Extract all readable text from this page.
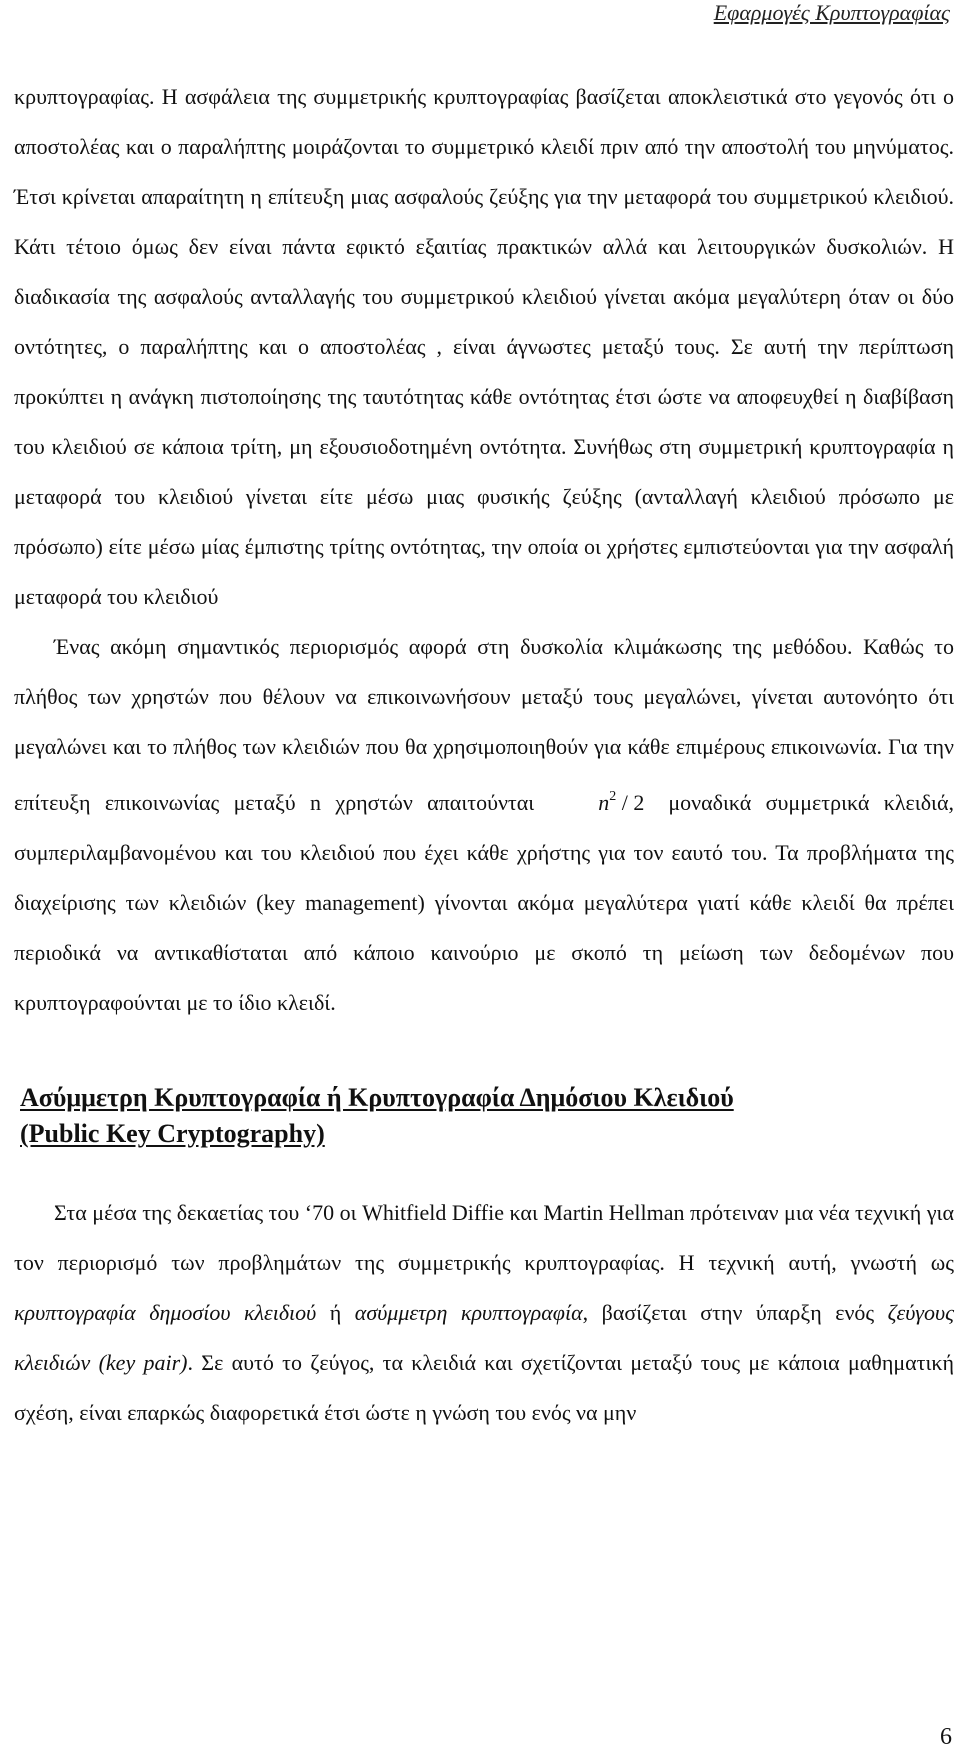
Εφαρμογές Κρυπτογραφίας

κρυπτογραφίας. Η ασφάλεια της συμμετρικής κρυπτογραφίας βασίζεται αποκλειστικά στο γεγονός ότι ο αποστολέας και ο παραλήπτης μοιράζονται το συμμετρικό κλειδί πριν από την αποστολή του μηνύματος. Έτσι κρίνεται απαραίτητη η επίτευξη μιας ασφαλούς ζεύξης για την μεταφορά του συμμετρικού κλειδιού. Κάτι τέτοιο όμως δεν είναι πάντα εφικτό εξαιτίας πρακτικών αλλά και λειτουργικών δυσκολιών. Η διαδικασία της ασφαλούς ανταλλαγής του συμμετρικού κλειδιού γίνεται ακόμα μεγαλύτερη όταν οι δύο οντότητες, ο παραλήπτης και ο αποστολέας , είναι άγνωστες μεταξύ τους. Σε αυτή την περίπτωση προκύπτει η ανάγκη πιστοποίησης της ταυτότητας κάθε οντότητας έτσι ώστε να αποφευχθεί η διαβίβαση του κλειδιού σε κάποια τρίτη, μη εξουσιοδοτημένη οντότητα. Συνήθως στη συμμετρική κρυπτογραφία η μεταφορά του κλειδιού γίνεται είτε μέσω μιας φυσικής ζεύξης (ανταλλαγή κλειδιού πρόσωπο με πρόσωπο) είτε μέσω μίας έμπιστης τρίτης οντότητας, την οποία οι χρήστες εμπιστεύονται για την ασφαλή μεταφορά του κλειδιού

Ένας ακόμη σημαντικός περιορισμός αφορά στη δυσκολία κλιμάκωσης της μεθόδου. Καθώς το πλήθος των χρηστών που θέλουν να επικοινωνήσουν μεταξύ τους μεγαλώνει, γίνεται αυτονόητο ότι μεγαλώνει και το πλήθος των κλειδιών που θα χρησιμοποιηθούν για κάθε επιμέρους επικοινωνία. Για την επίτευξη επικοινωνίας μεταξύ n χρηστών απαιτούνται	$n^2 / 2$ μοναδικά συμμετρικά κλειδιά, συμπεριλαμβανομένου και του κλειδιού που έχει κάθε χρήστης για τον εαυτό του. Τα προβλήματα της διαχείρισης των κλειδιών (key management) γίνονται ακόμα μεγαλύτερα γιατί κάθε κλειδί θα πρέπει περιοδικά να αντικαθίσταται από κάποιο καινούριο με σκοπό τη μείωση των δεδομένων που κρυπτογραφούνται με το ίδιο κλειδί.

Ασύμμετρη Κρυπτογραφία ή Κρυπτογραφία Δημόσιου Κλειδιού
(Public Key Cryptography)

Στα μέσα της δεκαετίας του ‘70 οι Whitfield Diffie και Martin Hellman πρότειναν μια νέα τεχνική για τον περιορισμό των προβλημάτων της συμμετρικής κρυπτογραφίας. Η τεχνική αυτή, γνωστή ως κρυπτογραφία δημοσίου κλειδιού ή ασύμμετρη κρυπτογραφία, βασίζεται στην ύπαρξη ενός ζεύγους κλειδιών (key pair). Σε αυτό το ζεύγος, τα κλειδιά και σχετίζονται μεταξύ τους με κάποια μαθηματική σχέση, είναι επαρκώς διαφορετικά έτσι ώστε η γνώση του ενός να μην

6
